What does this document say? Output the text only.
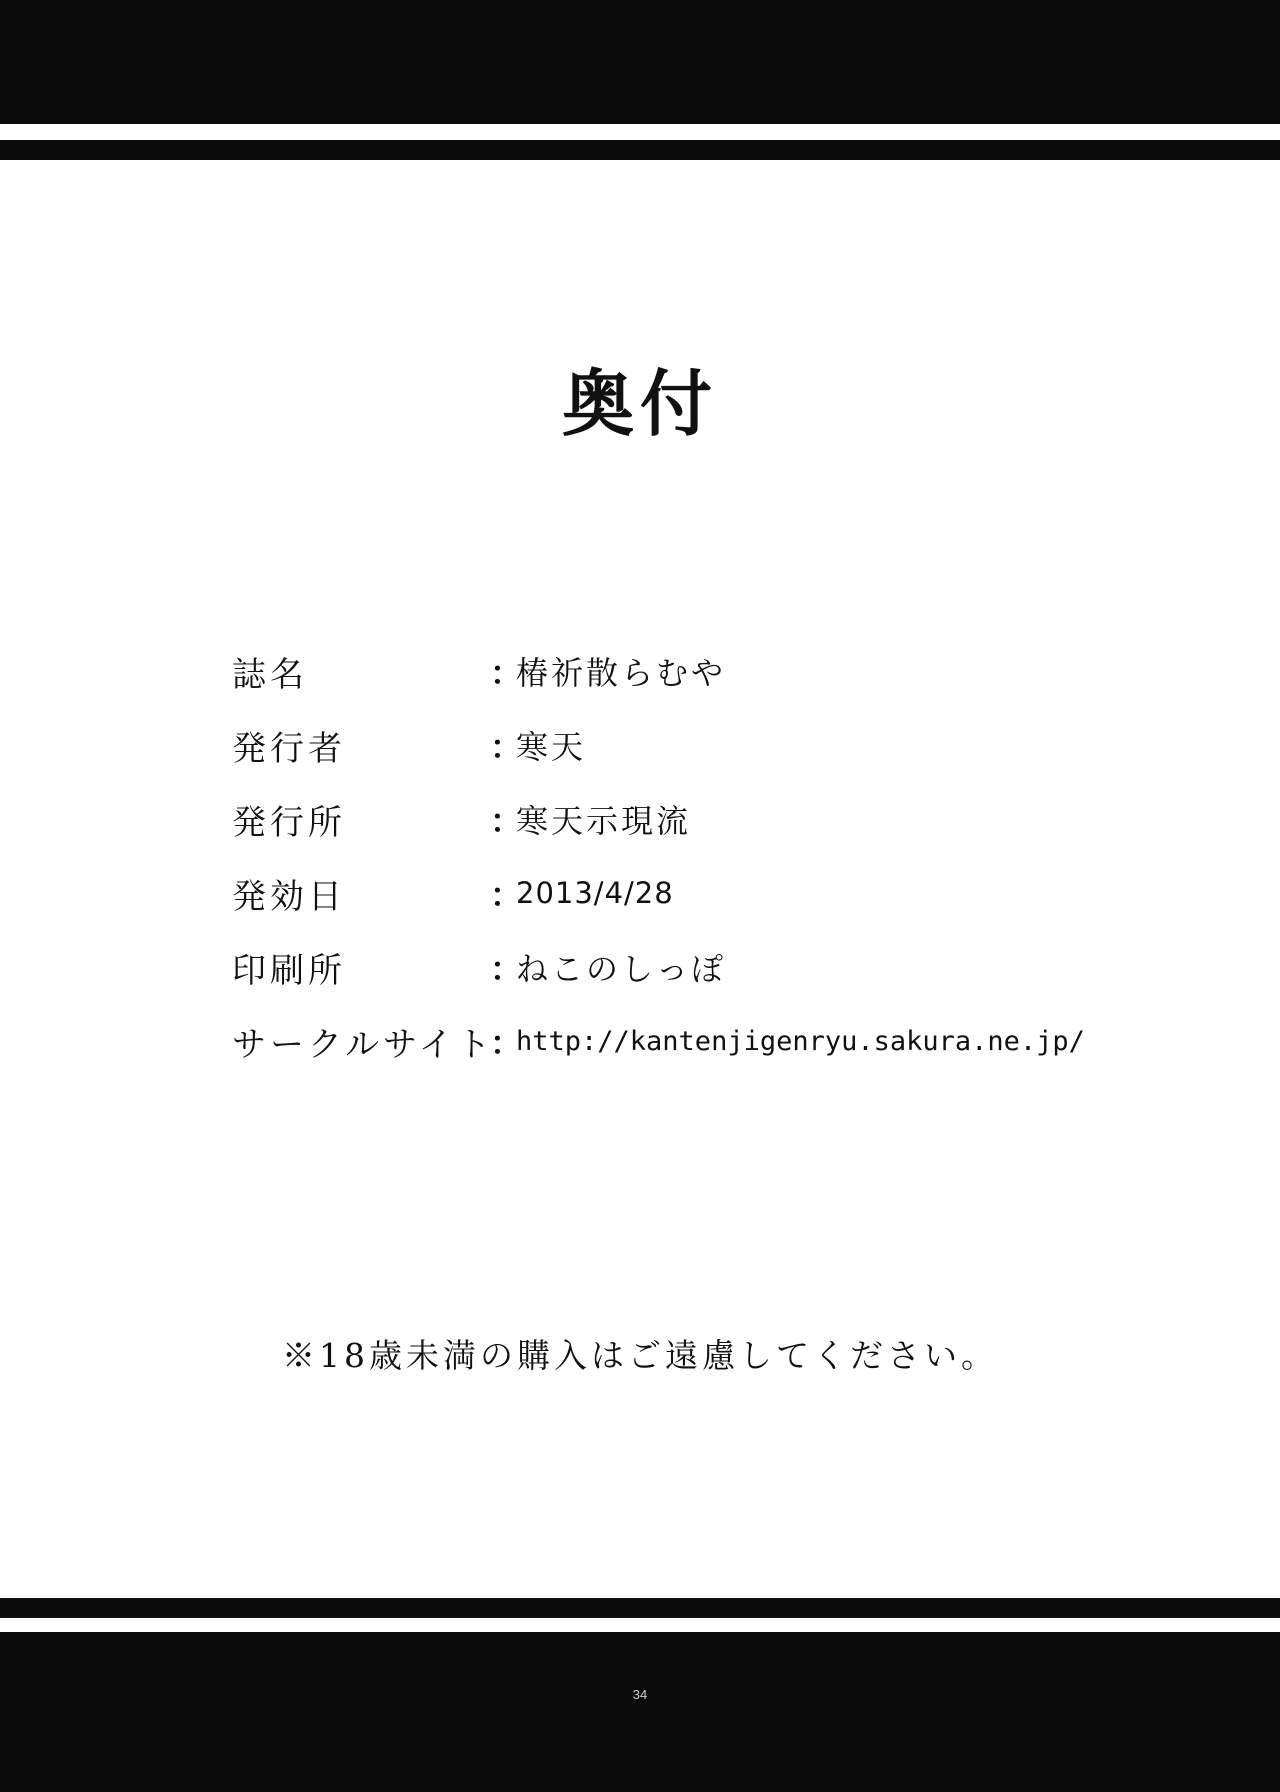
奥付
誌名	：
椿祈散らむや
発行者	：
寒天
発行所	：
寒天示現流
発効日	：
2013/4/28
印刷所	：
ねこのしっぽ
サークルサイト
：
http://kantenjigenryu.sakura.ne.jp/
※18歳未満の購入はご遠慮してください。
34
